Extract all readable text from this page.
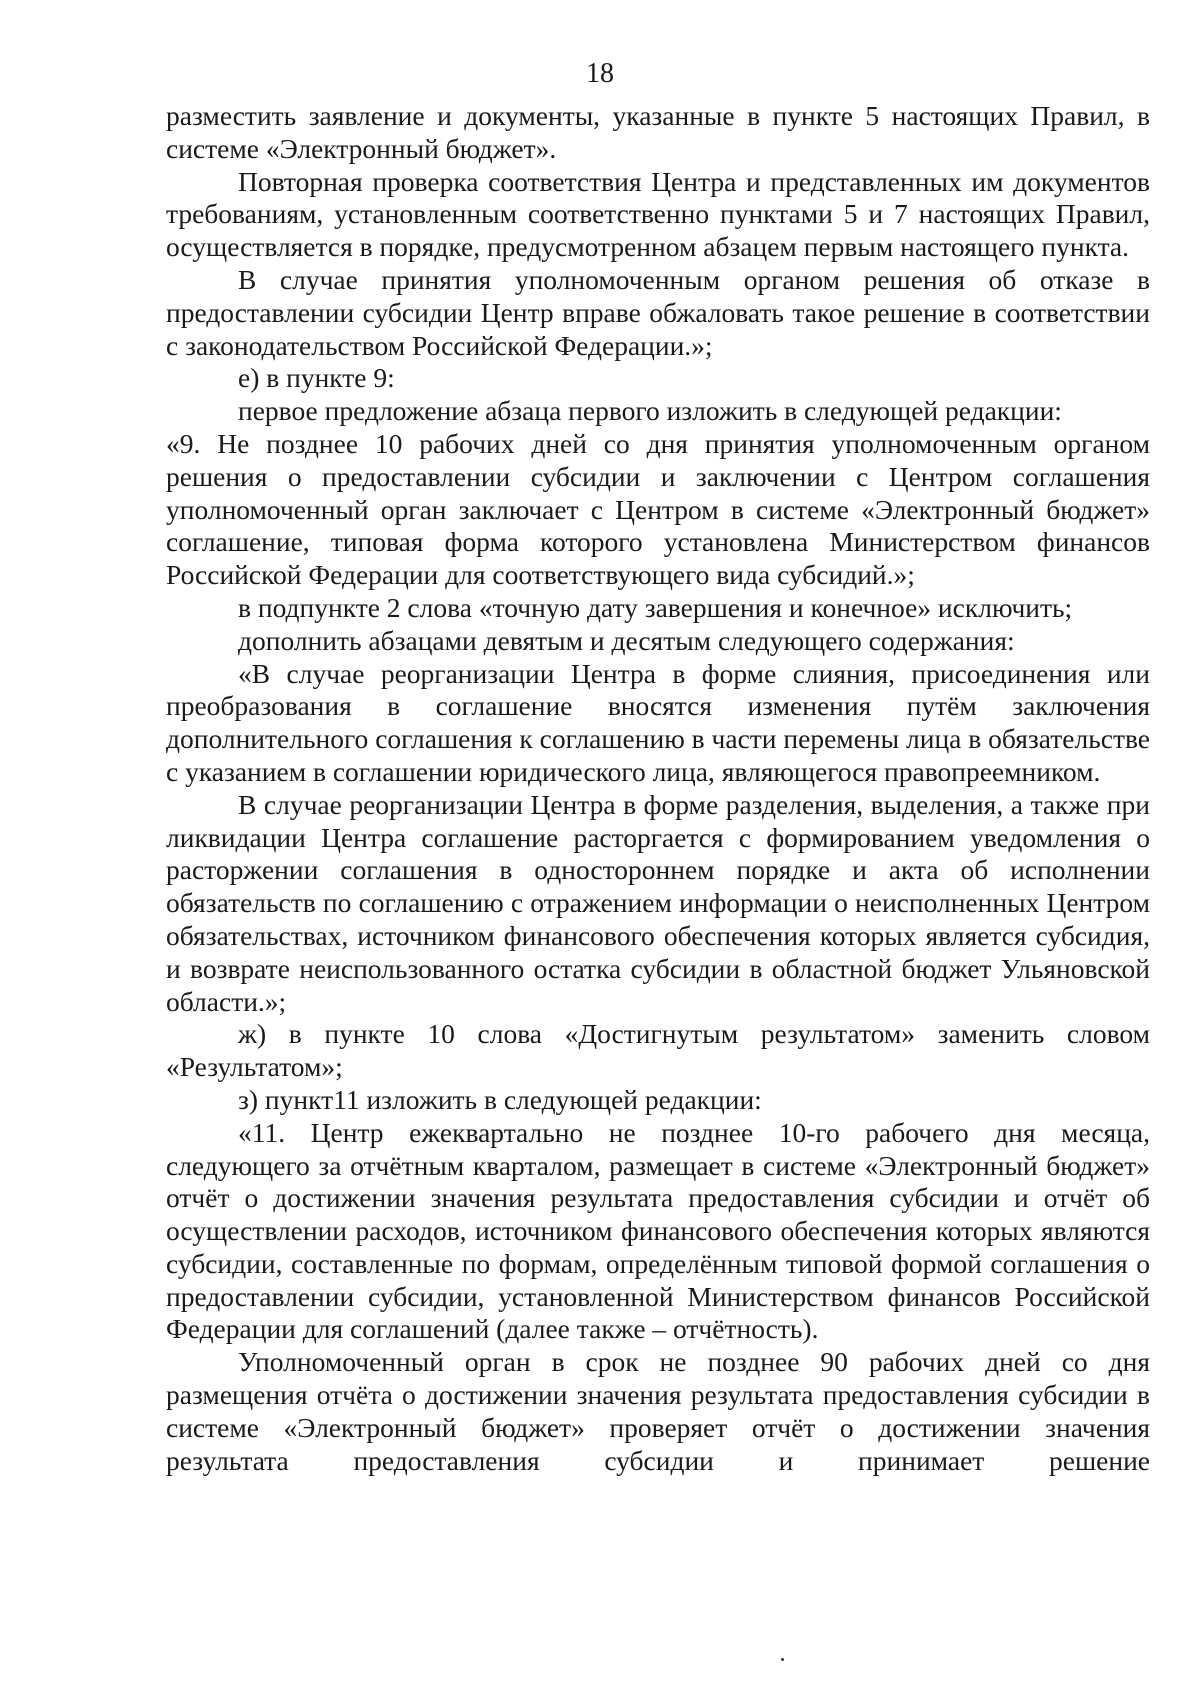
18

разместить заявление и документы, указанные в пункте 5 настоящих Правил, в системе «Электронный бюджет».

Повторная проверка соответствия Центра и представленных им документов требованиям, установленным соответственно пунктами 5 и 7 настоящих Правил, осуществляется в порядке, предусмотренном абзацем первым настоящего пункта.

В случае принятия уполномоченным органом решения об отказе в предоставлении субсидии Центр вправе обжаловать такое решение в соответствии с законодательством Российской Федерации.»;

е) в пункте 9:

первое предложение абзаца первого изложить в следующей редакции:

«9. Не позднее 10 рабочих дней со дня принятия уполномоченным органом решения о предоставлении субсидии и заключении с Центром соглашения уполномоченный орган заключает с Центром в системе «Электронный бюджет» соглашение, типовая форма которого установлена Министерством финансов Российской Федерации для соответствующего вида субсидий.»;

в подпункте 2 слова «точную дату завершения и конечное» исключить;

дополнить абзацами девятым и десятым следующего содержания:

«В случае реорганизации Центра в форме слияния, присоединения или преобразования в соглашение вносятся изменения путём заключения дополнительного соглашения к соглашению в части перемены лица в обязательстве с указанием в соглашении юридического лица, являющегося правопреемником.

В случае реорганизации Центра в форме разделения, выделения, а также при ликвидации Центра соглашение расторгается с формированием уведомления о расторжении соглашения в одностороннем порядке и акта об исполнении обязательств по соглашению с отражением информации о неисполненных Центром обязательствах, источником финансового обеспечения которых является субсидия, и возврате неиспользованного остатка субсидии в областной бюджет Ульяновской области.»;

ж) в пункте 10 слова «Достигнутым результатом» заменить словом «Результатом»;

з) пункт11 изложить в следующей редакции:

«11. Центр ежеквартально не позднее 10-го рабочего дня месяца, следующего за отчётным кварталом, размещает в системе «Электронный бюджет» отчёт о достижении значения результата предоставления субсидии и отчёт об осуществлении расходов, источником финансового обеспечения которых являются субсидии, составленные по формам, определённым типовой формой соглашения о предоставлении субсидии, установленной Министерством финансов Российской Федерации для соглашений (далее также – отчётность).

Уполномоченный орган в срок не позднее 90 рабочих дней со дня размещения отчёта о достижении значения результата предоставления субсидии в системе «Электронный бюджет» проверяет отчёт о достижении значения результата предоставления субсидии и принимает решение
